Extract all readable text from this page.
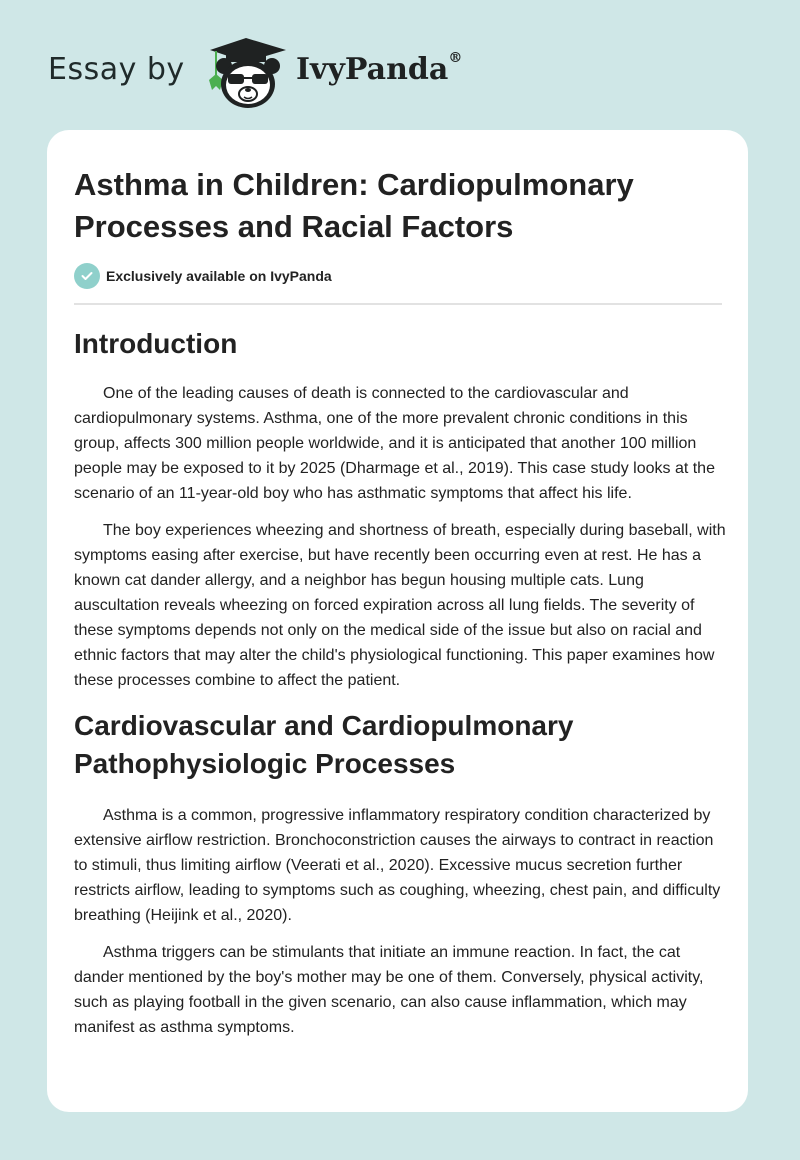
Essay by	IvyPanda®
Asthma in Children: Cardiopulmonary Processes and Racial Factors
Exclusively available on IvyPanda
Introduction

One of the leading causes of death is connected to the cardiovascular and cardiopulmonary systems. Asthma, one of the more prevalent chronic conditions in this group, affects 300 million people worldwide, and it is anticipated that another 100 million people may be exposed to it by 2025 (Dharmage et al., 2019). This case study looks at the scenario of an 11-year-old boy who has asthmatic symptoms that affect his life.

The boy experiences wheezing and shortness of breath, especially during baseball, with symptoms easing after exercise, but have recently been occurring even at rest. He has a known cat dander allergy, and a neighbor has begun housing multiple cats. Lung auscultation reveals wheezing on forced expiration across all lung fields. The severity of these symptoms depends not only on the medical side of the issue but also on racial and ethnic factors that may alter the child's physiological functioning. This paper examines how these processes combine to affect the patient.

Cardiovascular and Cardiopulmonary Pathophysiologic Processes

Asthma is a common, progressive inflammatory respiratory condition characterized by extensive airflow restriction. Bronchoconstriction causes the airways to contract in reaction to stimuli, thus limiting airflow (Veerati et al., 2020). Excessive mucus secretion further restricts airflow, leading to symptoms such as coughing, wheezing, chest pain, and difficulty breathing (Heijink et al., 2020).

Asthma triggers can be stimulants that initiate an immune reaction. In fact, the cat dander mentioned by the boy's mother may be one of them. Conversely, physical activity, such as playing football in the given scenario, can also cause inflammation, which may manifest as asthma symptoms.
